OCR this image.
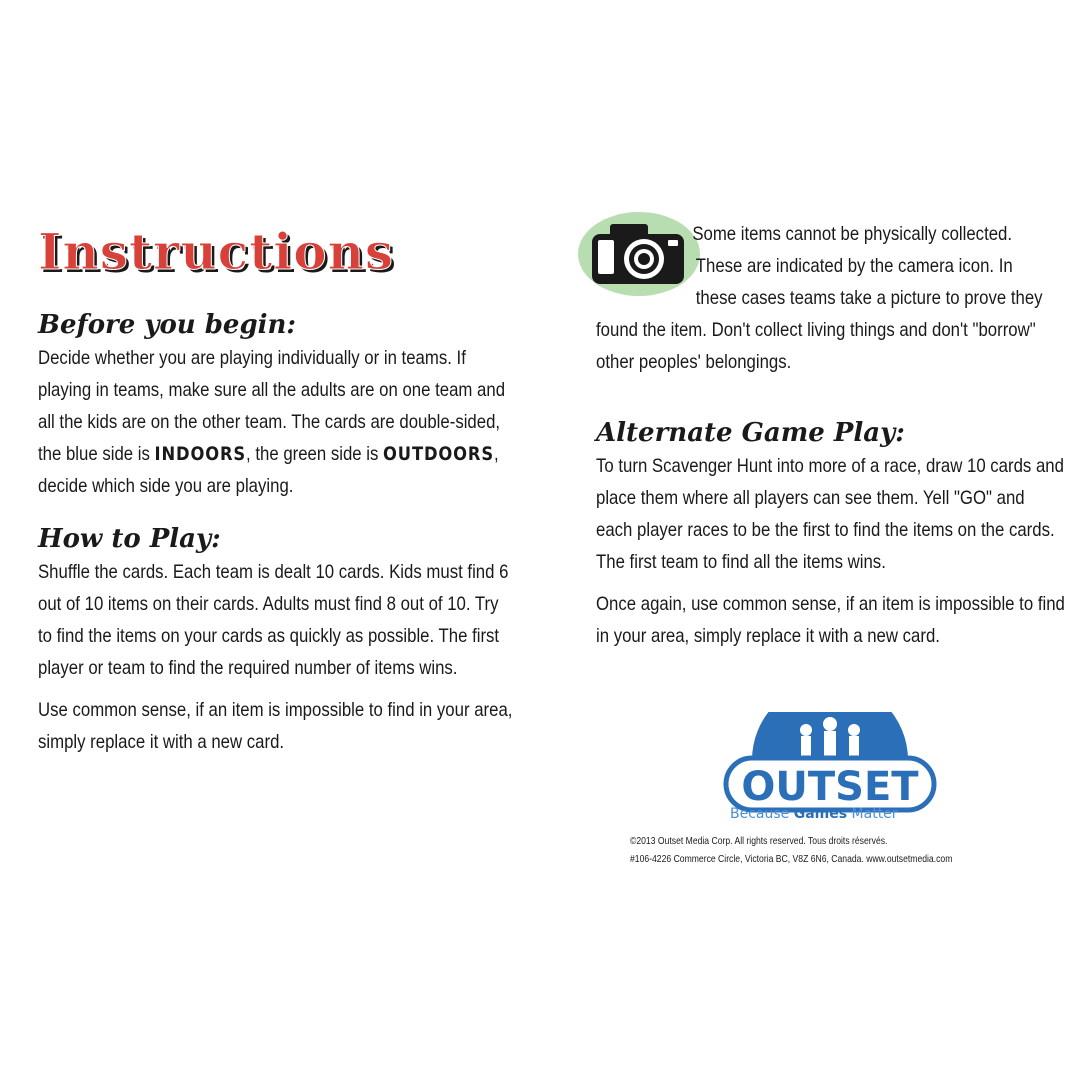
Instructions
Before you begin:

Decide whether you are playing individually or in teams. If playing in teams, make sure all the adults are on one team and all the kids are on the other team. The cards are double-sided, the blue side is INDOORS, the green side is OUTDOORS, decide which side you are playing.

How to Play:

Shuffle the cards. Each team is dealt 10 cards. Kids must find 6 out of 10 items on their cards. Adults must find 8 out of 10. Try to find the items on your cards as quickly as possible. The first player or team to find the required number of items wins.

Use common sense, if an item is impossible to find in your area, simply replace it with a new card.

Some items cannot be physically collected.
These are indicated by the camera icon. In
these cases teams take a picture to prove they
found the item. Don't collect living things and don't "borrow"
other peoples' belongings.
Alternate Game Play:

To turn Scavenger Hunt into more of a race, draw 10 cards and place them where all players can see them. Yell "GO" and each player races to be the first to find the items on the cards. The first team to find all the items wins.

Once again, use common sense, if an item is impossible to find in your area, simply replace it with a new card.

OUTSET
Because Games Matter
©2013 Outset Media Corp. All rights reserved. Tous droits réservés.
#106-4226 Commerce Circle, Victoria BC, V8Z 6N6, Canada. www.outsetmedia.com
